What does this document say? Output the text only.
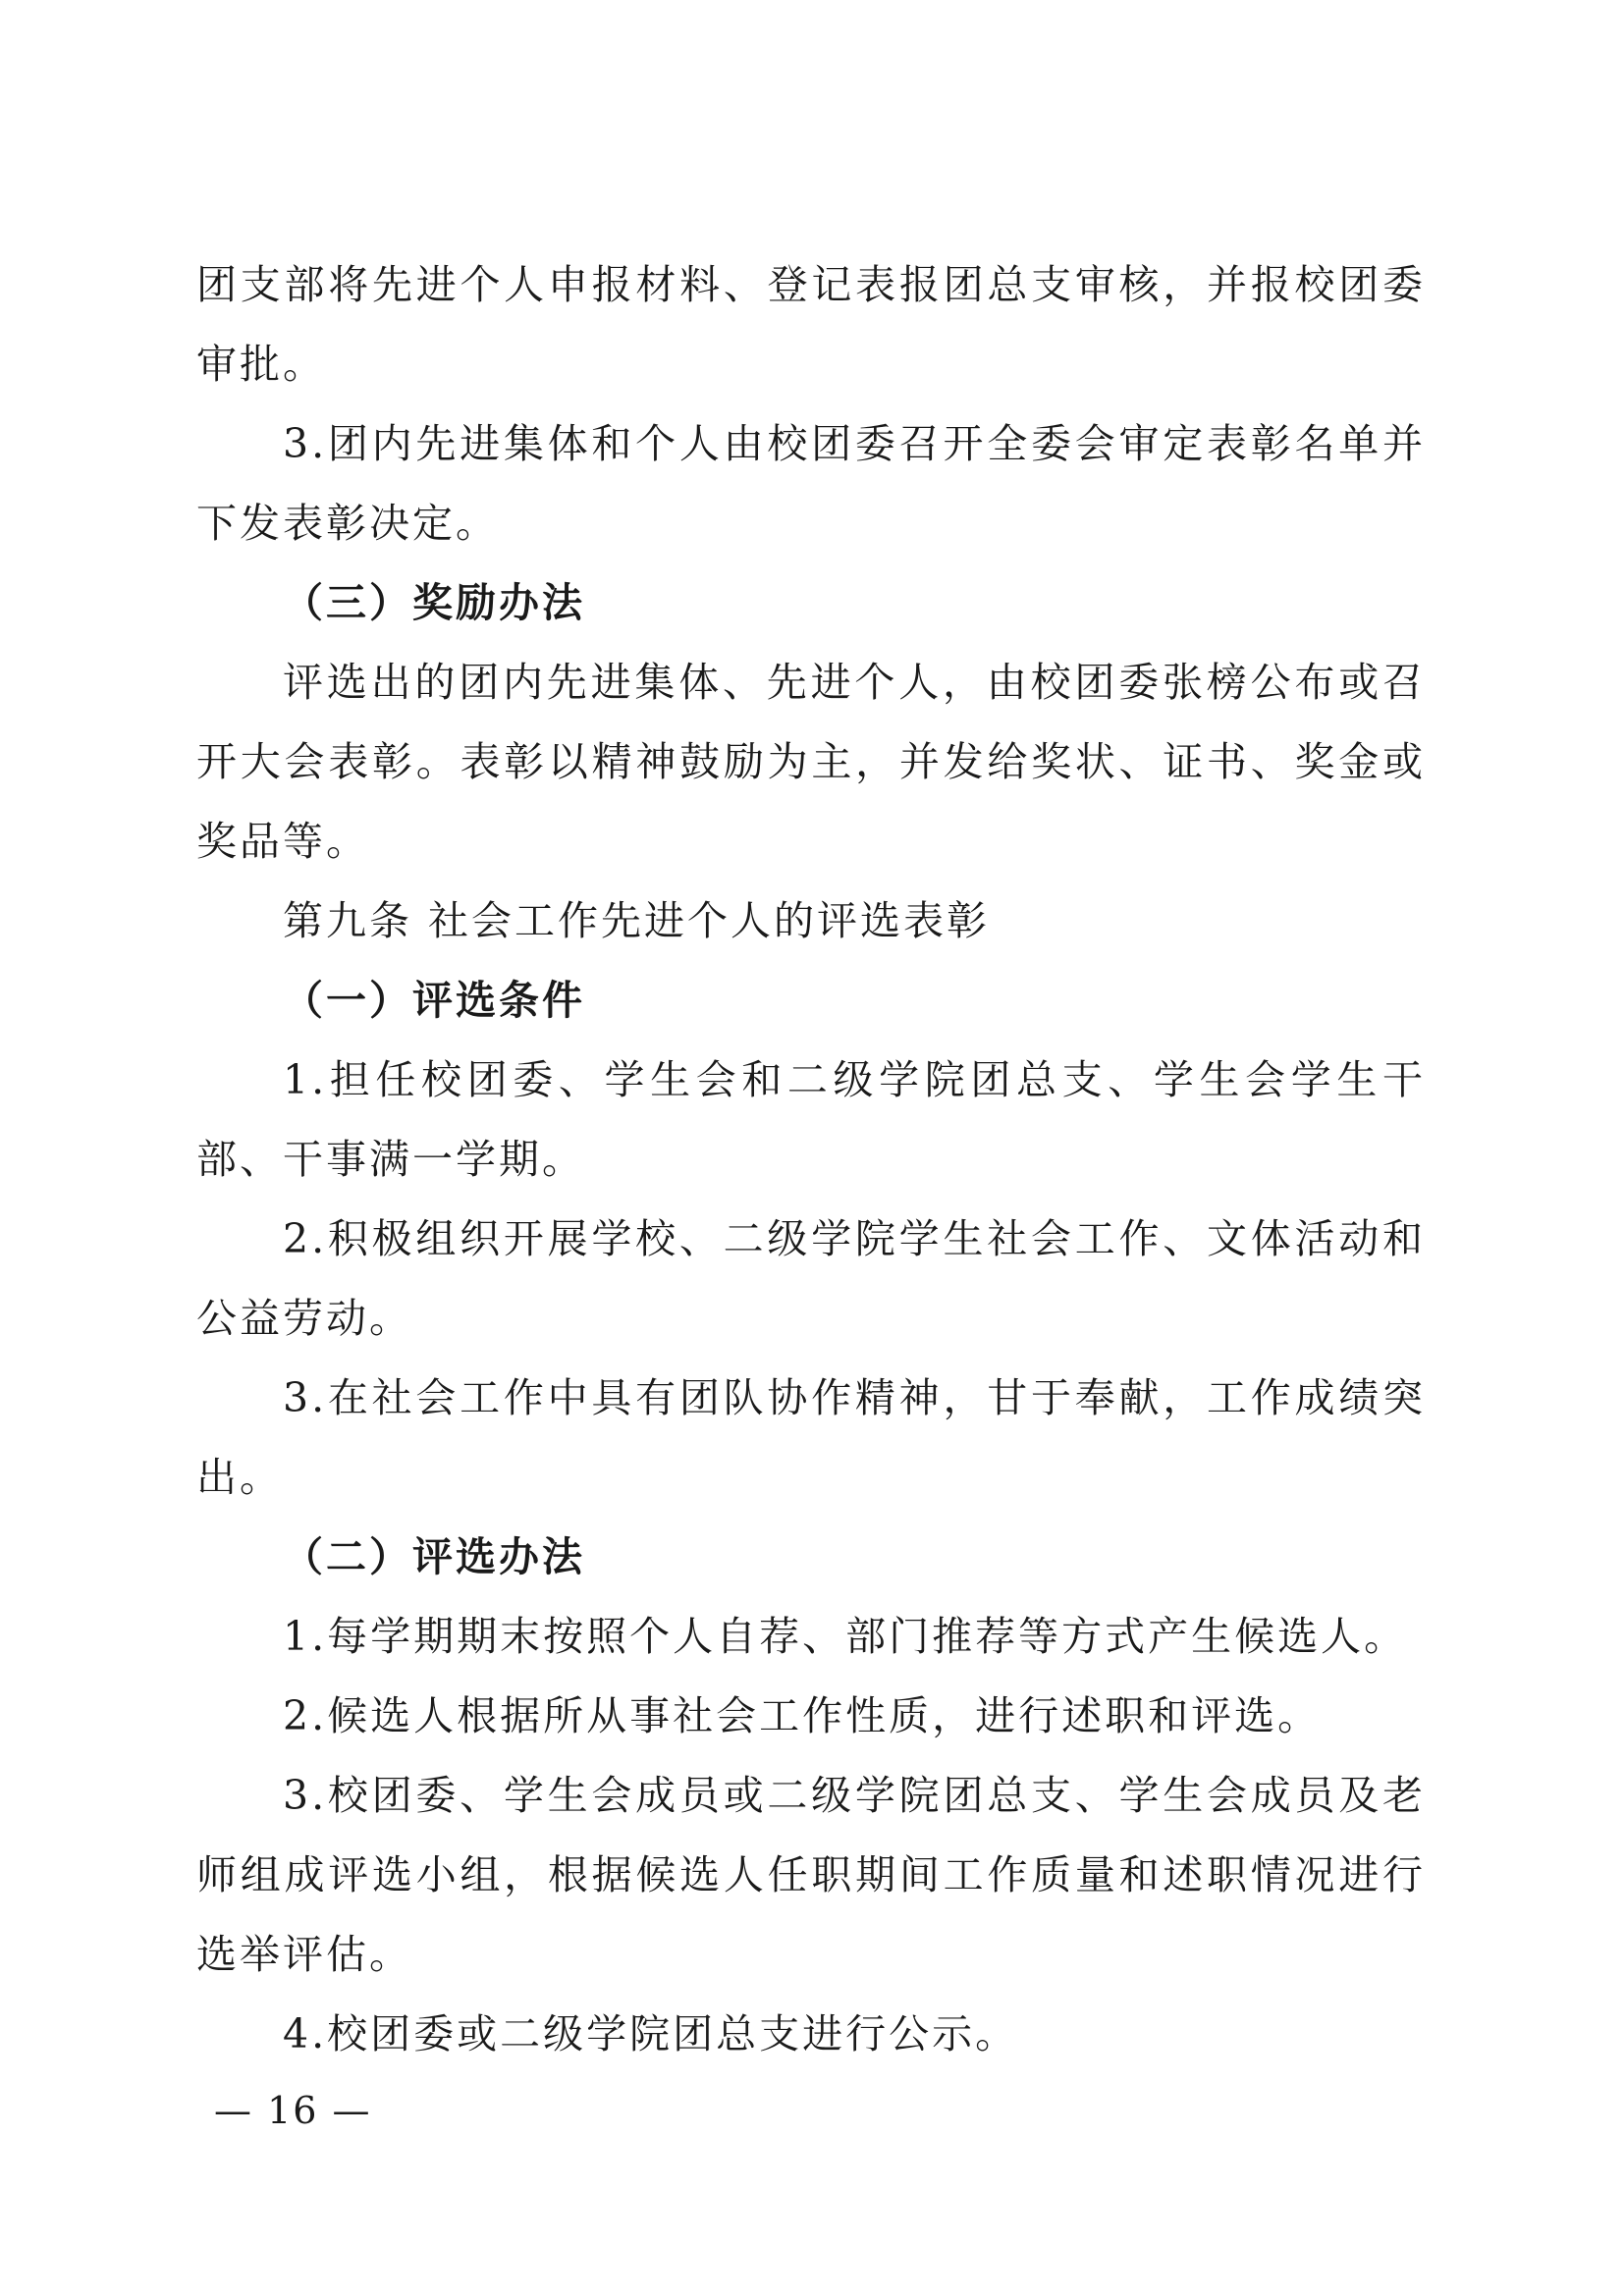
团支部将先进个人申报材料、登记表报团总支审核，并报校团委审批。

3.团内先进集体和个人由校团委召开全委会审定表彰名单并下发表彰决定。

（三）奖励办法

评选出的团内先进集体、先进个人，由校团委张榜公布或召开大会表彰。表彰以精神鼓励为主，并发给奖状、证书、奖金或奖品等。

第九条 社会工作先进个人的评选表彰

（一）评选条件

1.担任校团委、学生会和二级学院团总支、学生会学生干部、干事满一学期。

2.积极组织开展学校、二级学院学生社会工作、文体活动和公益劳动。

3.在社会工作中具有团队协作精神，甘于奉献，工作成绩突出。

（二）评选办法

1.每学期期末按照个人自荐、部门推荐等方式产生候选人。

2.候选人根据所从事社会工作性质，进行述职和评选。

3.校团委、学生会成员或二级学院团总支、学生会成员及老师组成评选小组，根据候选人任职期间工作质量和述职情况进行选举评估。

4.校团委或二级学院团总支进行公示。

— 16 —
